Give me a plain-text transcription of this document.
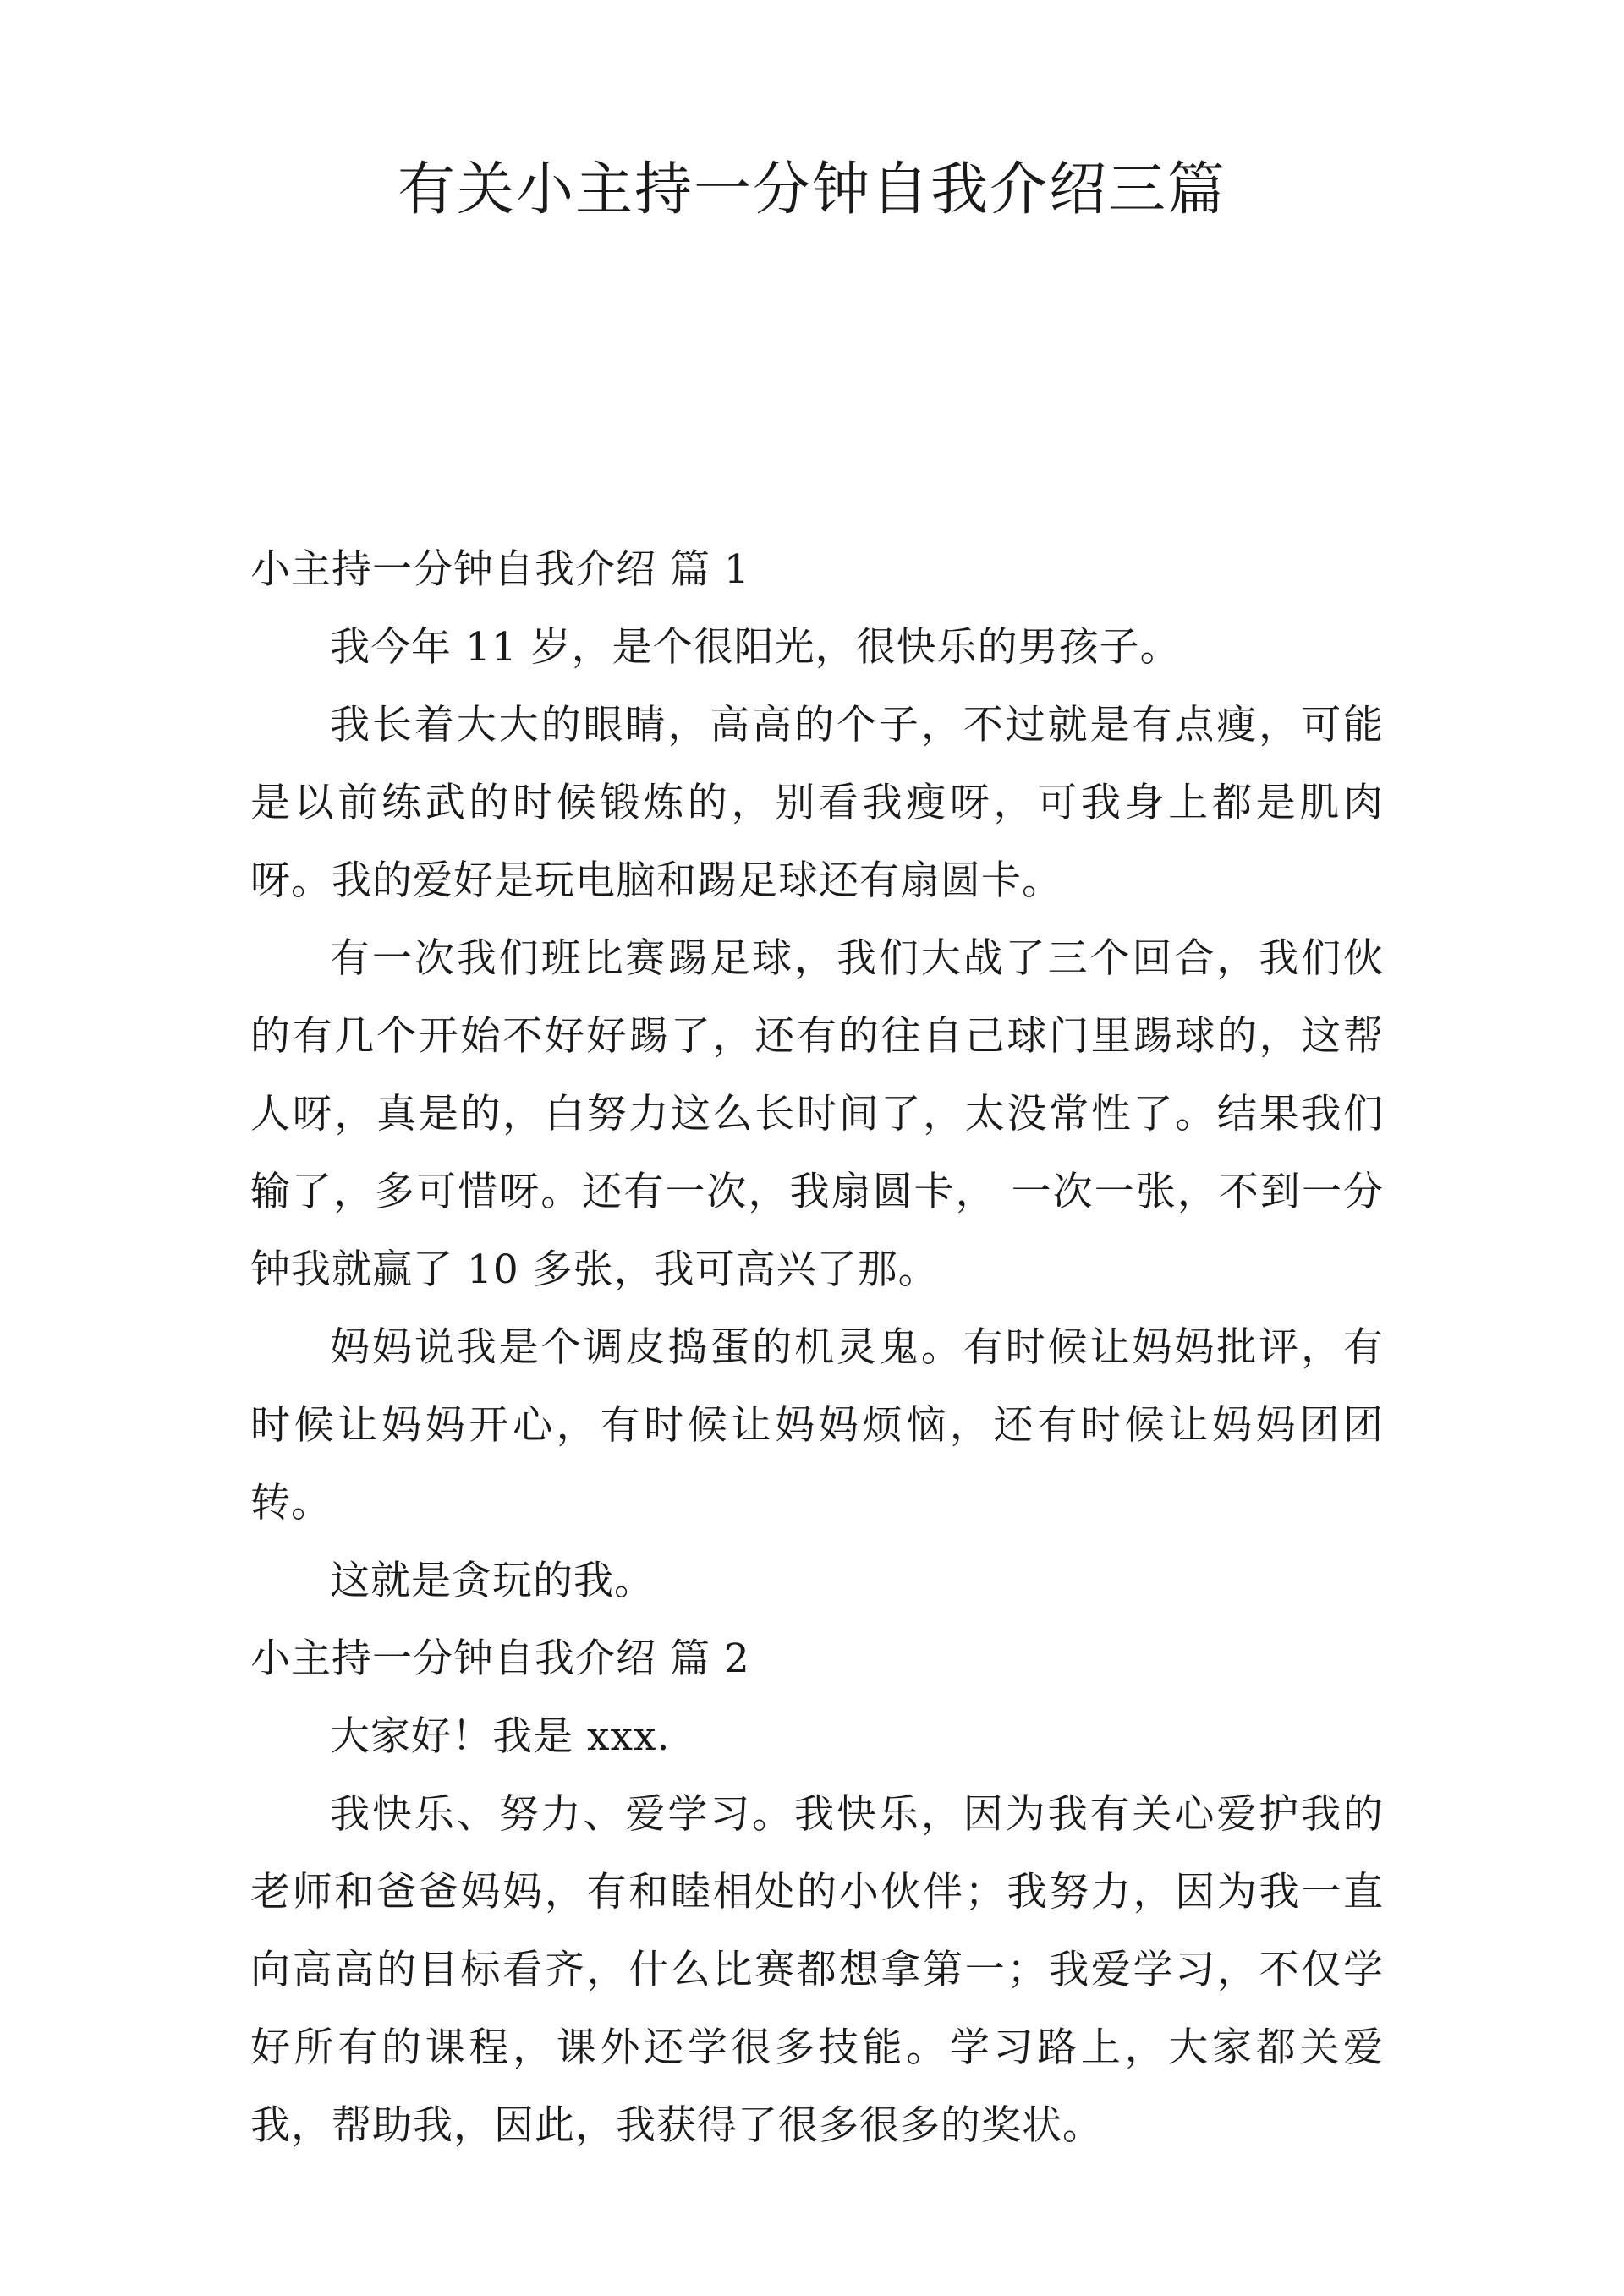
有关小主持一分钟自我介绍三篇

小主持一分钟自我介绍 篇 1

我今年 11 岁，是个很阳光，很快乐的男孩子。

我长着大大的眼睛，高高的个子，不过就是有点瘦，可能是以前练武的时候锻炼的，别看我瘦呀，可我身上都是肌肉呀。我的爱好是玩电脑和踢足球还有扇圆卡。

有一次我们班比赛踢足球，我们大战了三个回合，我们伙的有几个开始不好好踢了，还有的往自己球门里踢球的，这帮人呀，真是的，白努力这么长时间了，太没常性了。结果我们输了，多可惜呀。还有一次，我扇圆卡， 一次一张，不到一分钟我就赢了 10 多张，我可高兴了那。

妈妈说我是个调皮捣蛋的机灵鬼。有时候让妈妈批评，有时候让妈妈开心，有时候让妈妈烦恼，还有时候让妈妈团团转。

这就是贪玩的我。

小主持一分钟自我介绍 篇 2

大家好！我是 xxx.

我快乐、努力、爱学习。我快乐，因为我有关心爱护我的老师和爸爸妈妈，有和睦相处的小伙伴；我努力，因为我一直向高高的目标看齐，什么比赛都想拿第一；我爱学习，不仅学好所有的课程，课外还学很多技能。学习路上，大家都关爱我，帮助我，因此，我获得了很多很多的奖状。
